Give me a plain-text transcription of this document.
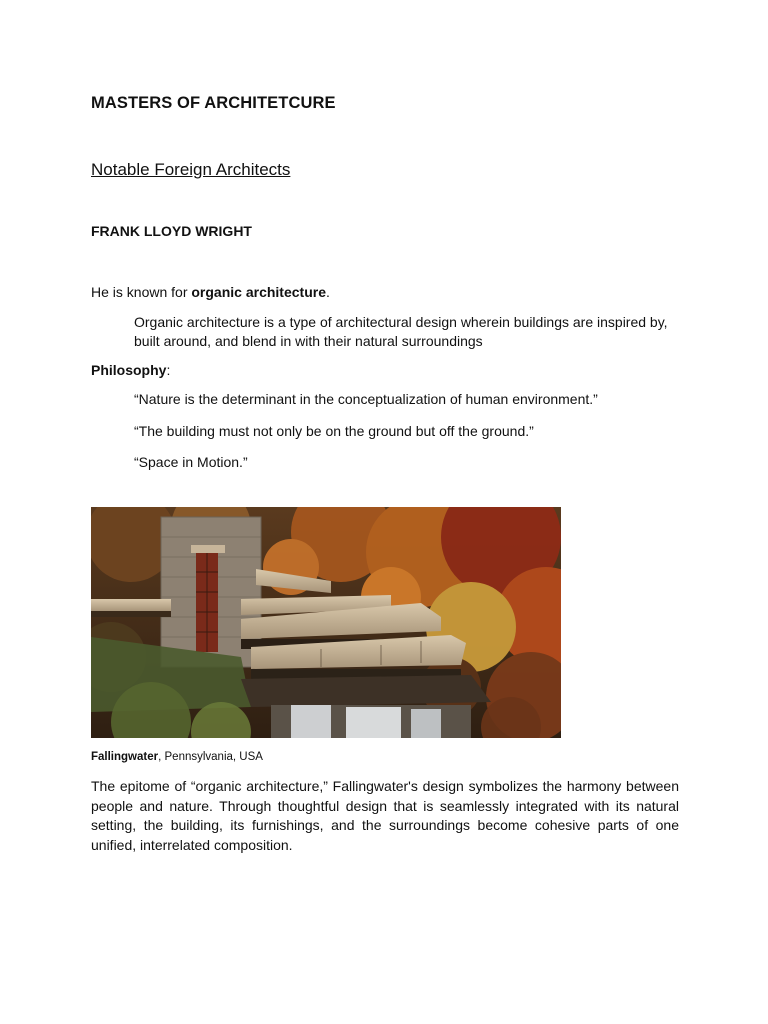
MASTERS OF ARCHITETCURE
Notable Foreign Architects
FRANK LLOYD WRIGHT

He is known for organic architecture.

Organic architecture is a type of architectural design wherein buildings are inspired by, built around, and blend in with their natural surroundings

Philosophy:

“Nature is the determinant in the conceptualization of human environment.”

“The building must not only be on the ground but off the ground.”

“Space in Motion.”

Fallingwater, Pennsylvania, USA

The epitome of “organic architecture,” Fallingwater's design symbolizes the harmony between people and nature. Through thoughtful design that is seamlessly integrated with its natural setting, the building, its furnishings, and the surroundings become cohesive parts of one unified, interrelated composition.
